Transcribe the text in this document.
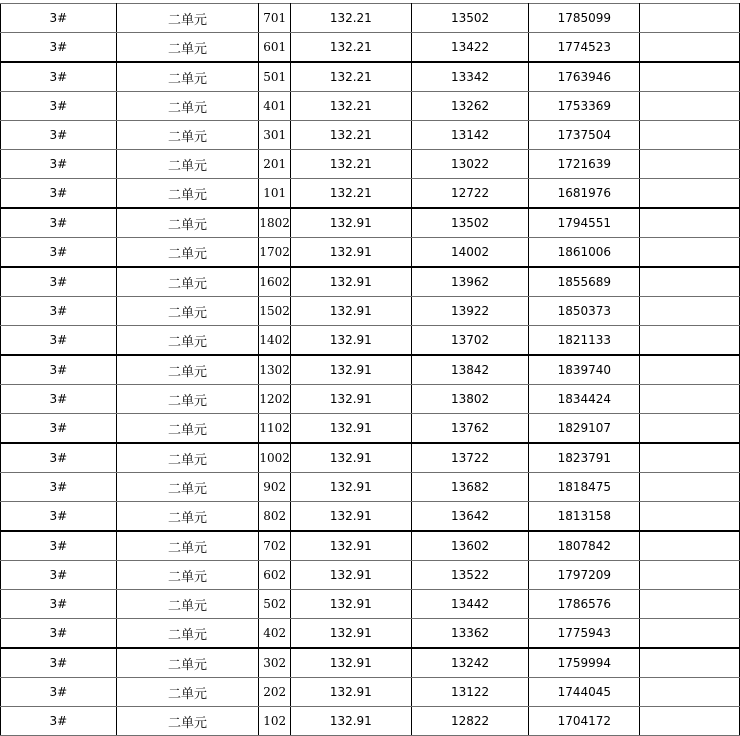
3#	二单元	701	132.21	13502	1785099	
3#	二单元	601	132.21	13422	1774523	
3#	二单元	501	132.21	13342	1763946	
3#	二单元	401	132.21	13262	1753369	
3#	二单元	301	132.21	13142	1737504	
3#	二单元	201	132.21	13022	1721639	
3#	二单元	101	132.21	12722	1681976	
3#	二单元	1802	132.91	13502	1794551	
3#	二单元	1702	132.91	14002	1861006	
3#	二单元	1602	132.91	13962	1855689	
3#	二单元	1502	132.91	13922	1850373	
3#	二单元	1402	132.91	13702	1821133	
3#	二单元	1302	132.91	13842	1839740	
3#	二单元	1202	132.91	13802	1834424	
3#	二单元	1102	132.91	13762	1829107	
3#	二单元	1002	132.91	13722	1823791	
3#	二单元	902	132.91	13682	1818475	
3#	二单元	802	132.91	13642	1813158	
3#	二单元	702	132.91	13602	1807842	
3#	二单元	602	132.91	13522	1797209	
3#	二单元	502	132.91	13442	1786576	
3#	二单元	402	132.91	13362	1775943	
3#	二单元	302	132.91	13242	1759994	
3#	二单元	202	132.91	13122	1744045	
3#	二单元	102	132.91	12822	1704172	
